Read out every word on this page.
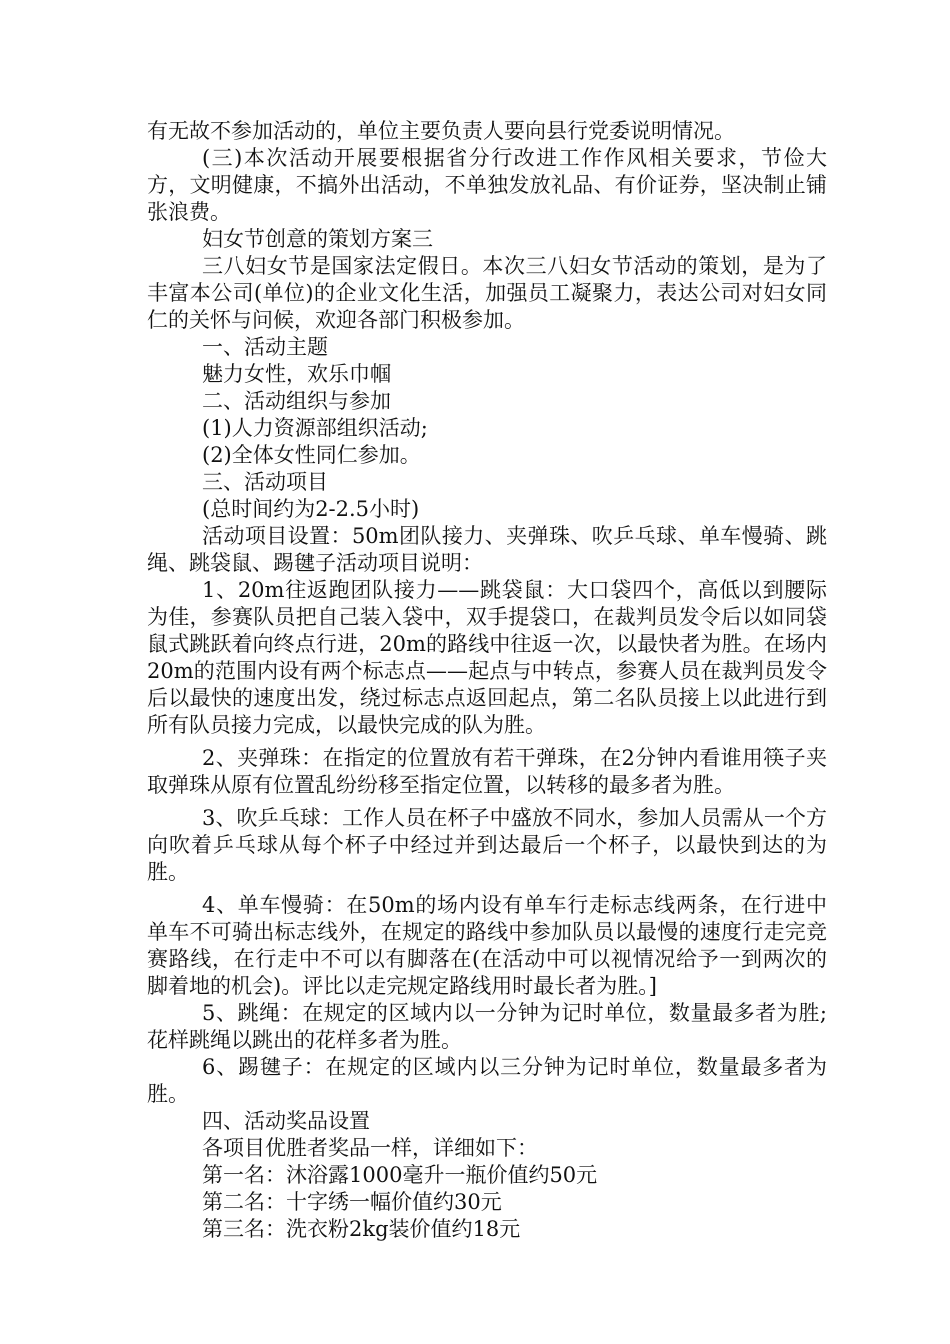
有无故不参加活动的，单位主要负责人要向县行党委说明情况。

(三)本次活动开展要根据省分行改进工作作风相关要求，节俭大方，文明健康，不搞外出活动，不单独发放礼品、有价证券，坚决制止铺张浪费。

妇女节创意的策划方案三

三八妇女节是国家法定假日。本次三八妇女节活动的策划，是为了丰富本公司(单位)的企业文化生活，加强员工凝聚力，表达公司对妇女同仁的关怀与问候，欢迎各部门积极参加。

一、活动主题

魅力女性，欢乐巾帼

二、活动组织与参加

(1)人力资源部组织活动;

(2)全体女性同仁参加。

三、活动项目

(总时间约为2-2.5小时)

活动项目设置：50m团队接力、夹弹珠、吹乒乓球、单车慢骑、跳绳、跳袋鼠、踢毽子活动项目说明：

1、20m往返跑团队接力——跳袋鼠：大口袋四个，高低以到腰际为佳，参赛队员把自己装入袋中，双手提袋口，在裁判员发令后以如同袋鼠式跳跃着向终点行进，20m的路线中往返一次，以最快者为胜。在场内20m的范围内设有两个标志点——起点与中转点，参赛人员在裁判员发令后以最快的速度出发，绕过标志点返回起点，第二名队员接上以此进行到所有队员接力完成，以最快完成的队为胜。

2、夹弹珠：在指定的位置放有若干弹珠，在2分钟内看谁用筷子夹取弹珠从原有位置乱纷纷移至指定位置，以转移的最多者为胜。

3、吹乒乓球：工作人员在杯子中盛放不同水，参加人员需从一个方向吹着乒乓球从每个杯子中经过并到达最后一个杯子，以最快到达的为胜。

4、单车慢骑：在50m的场内设有单车行走标志线两条，在行进中单车不可骑出标志线外，在规定的路线中参加队员以最慢的速度行走完竞赛路线，在行走中不可以有脚落在(在活动中可以视情况给予一到两次的脚着地的机会)。评比以走完规定路线用时最长者为胜。]

5、跳绳：在规定的区域内以一分钟为记时单位，数量最多者为胜;花样跳绳以跳出的花样多者为胜。

6、踢毽子：在规定的区域内以三分钟为记时单位，数量最多者为胜。

四、活动奖品设置

各项目优胜者奖品一样，详细如下：

第一名：沐浴露1000毫升一瓶价值约50元

第二名：十字绣一幅价值约30元

第三名：洗衣粉2kg装价值约18元
